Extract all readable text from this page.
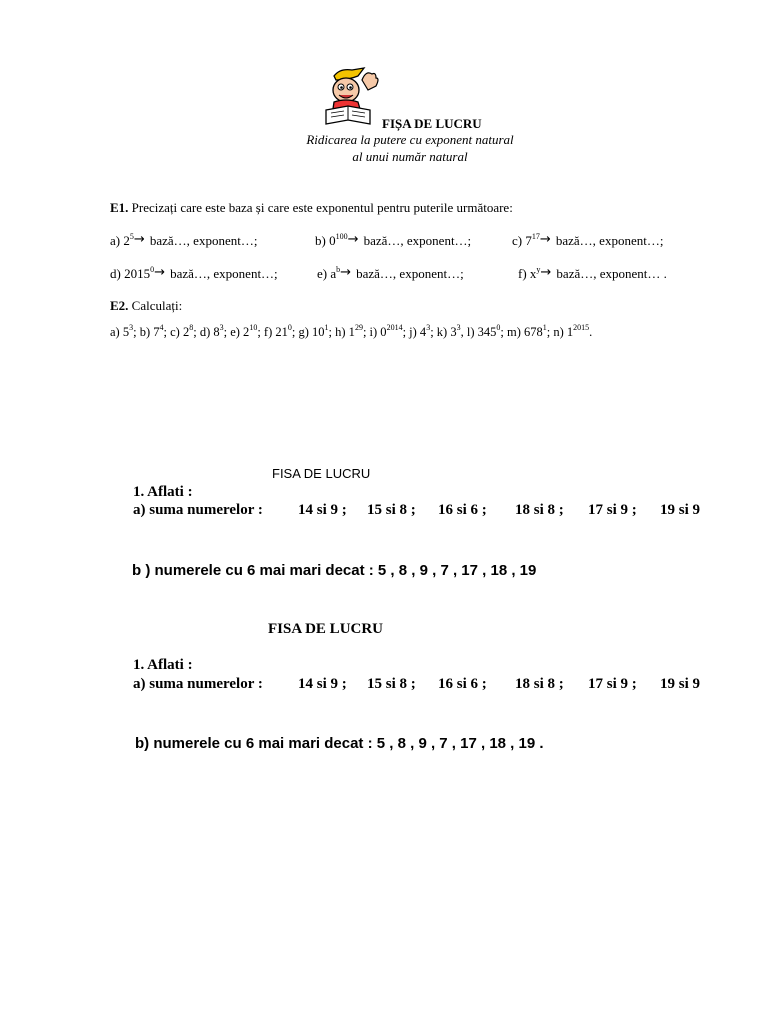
FIȘA DE LUCRU
Ridicarea la putere cu exponent natural
al unui număr natural
E1. Precizați care este baza și care este exponentul pentru puterile următoare:
a) $2^5$ → bază…, exponent…;	b) $0^{100}$ → bază…, exponent…;	c) $7^{17}$ → bază…, exponent…;
d) $2015^0$ → bază…, exponent…;	e) $a^b$ → bază…, exponent…;	f) $x^y$ → bază…, exponent… .
E2. Calculați:
a) $5^3$; b) $7^4$; c) $2^8$; d) $8^3$; e) $2^{10}$; f) $21^0$; g) $10^1$; h) $1^{29}$; i) $0^{2014}$; j) $4^3$; k) $3^3$, l) $345^0$; m) $678^1$; n) $1^{2015}$.
FISA DE LUCRU
1. Aflati :
a) suma numerelor : 14 si 9 ; 15 si 8 ; 16 si 6 ; 18 si 8 ; 17 si 9 ; 19 si 9
b ) numerele cu 6 mai mari decat : 5 , 8 , 9 , 7 , 17 , 18 , 19
FISA DE LUCRU
1. Aflati :
a) suma numerelor : 14 si 9 ; 15 si 8 ; 16 si 6 ; 18 si 8 ; 17 si 9 ; 19 si 9
b) numerele cu 6 mai mari decat : 5 , 8 , 9 , 7 , 17 , 18 , 19 .
